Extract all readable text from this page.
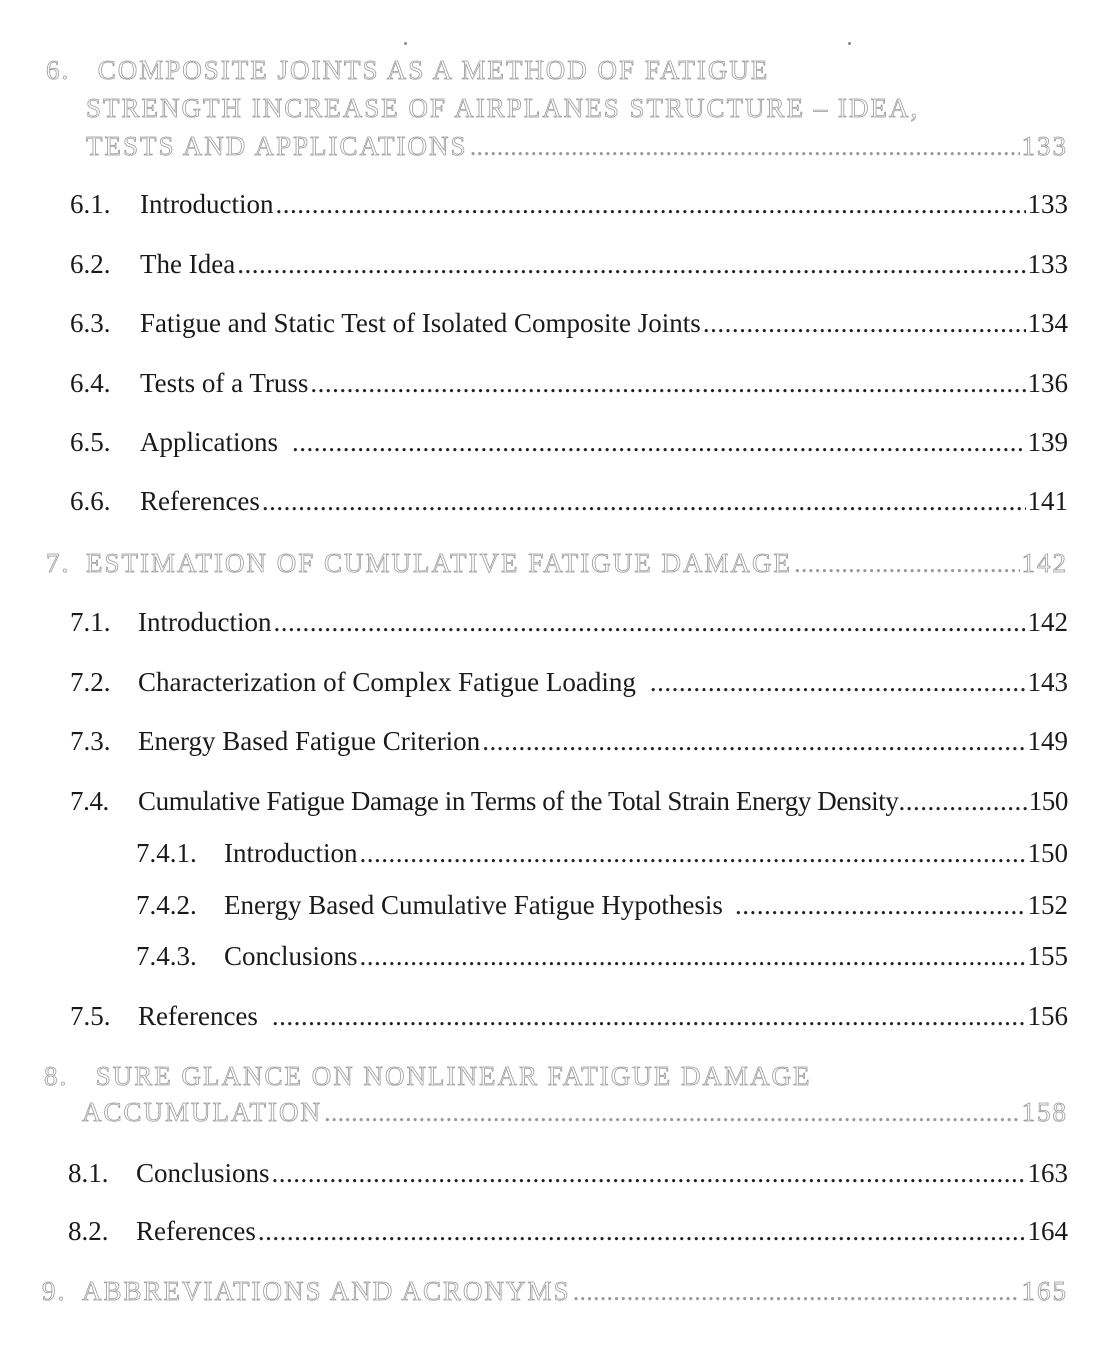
6. COMPOSITE JOINTS AS A METHOD OF FATIGUE
STRENGTH INCREASE OF AIRPLANES STRUCTURE – IDEA,
TESTS AND APPLICATIONS .....	133
6.1.	Introduction .....	133
6.2.	The Idea .....	133
6.3.	Fatigue and Static Test of Isolated Composite Joints .....	134
6.4.	Tests of a Truss .....	136
6.5.	Applications .....	139
6.6.	References .....	141
7. ESTIMATION OF CUMULATIVE FATIGUE DAMAGE .....	142
7.1.	Introduction .....	142
7.2.	Characterization of Complex Fatigue Loading .....	143
7.3.	Energy Based Fatigue Criterion .....	149
7.4.	Cumulative Fatigue Damage in Terms of the Total Strain Energy Density .....	150
7.4.1.	Introduction .....	150
7.4.2.	Energy Based Cumulative Fatigue Hypothesis .....	152
7.4.3.	Conclusions .....	155
7.5.	References .....	156
8. SURE GLANCE ON NONLINEAR FATIGUE DAMAGE
ACCUMULATION .....	158
8.1.	Conclusions .....	163
8.2.	References .....	164
9. ABBREVIATIONS AND ACRONYMS .....	165
